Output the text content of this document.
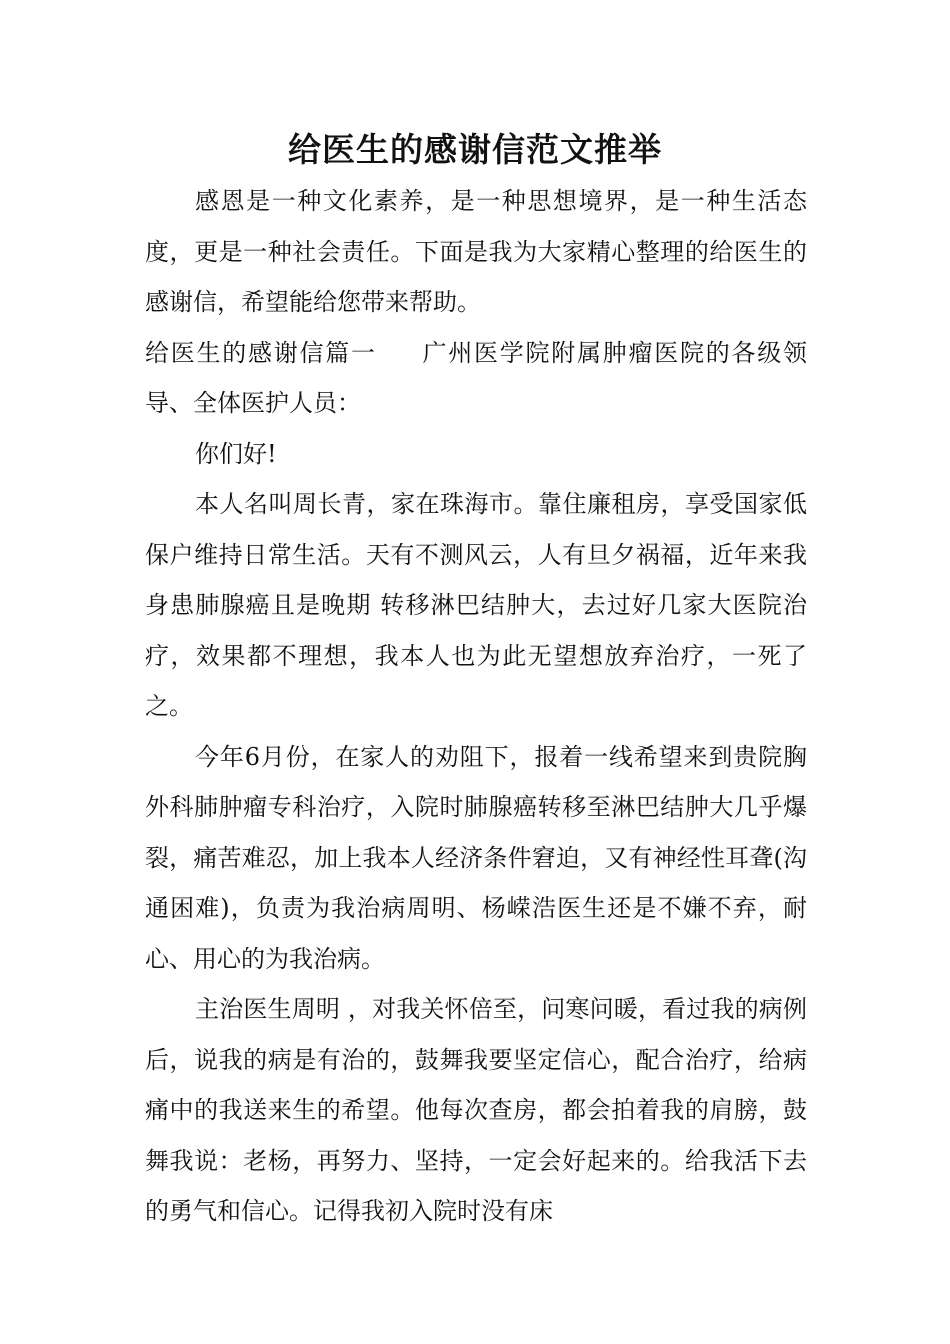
给医生的感谢信范文推举

感恩是一种文化素养，是一种思想境界，是一种生活态度，更是一种社会责任。下面是我为大家精心整理的给医生的感谢信，希望能给您带来帮助。

给医生的感谢信篇一 广州医学院附属肿瘤医院的各级领导、全体医护人员：

你们好!

本人名叫周长青，家在珠海市。靠住廉租房，享受国家低保户维持日常生活。天有不测风云，人有旦夕祸福，近年来我身患肺腺癌且是晚期 转移淋巴结肿大，去过好几家大医院治疗，效果都不理想，我本人也为此无望想放弃治疗，一死了之。

今年6月份，在家人的劝阻下，报着一线希望来到贵院胸外科肺肿瘤专科治疗，入院时肺腺癌转移至淋巴结肿大几乎爆裂，痛苦难忍，加上我本人经济条件窘迫，又有神经性耳聋(沟通困难)，负责为我治病周明、杨嵘浩医生还是不嫌不弃，耐心、用心的为我治病。

主治医生周明 ，对我关怀倍至，问寒问暖，看过我的病例后，说我的病是有治的，鼓舞我要坚定信心，配合治疗，给病痛中的我送来生的希望。他每次查房，都会拍着我的肩膀，鼓舞我说：老杨，再努力、坚持，一定会好起来的。给我活下去的勇气和信心。记得我初入院时没有床
